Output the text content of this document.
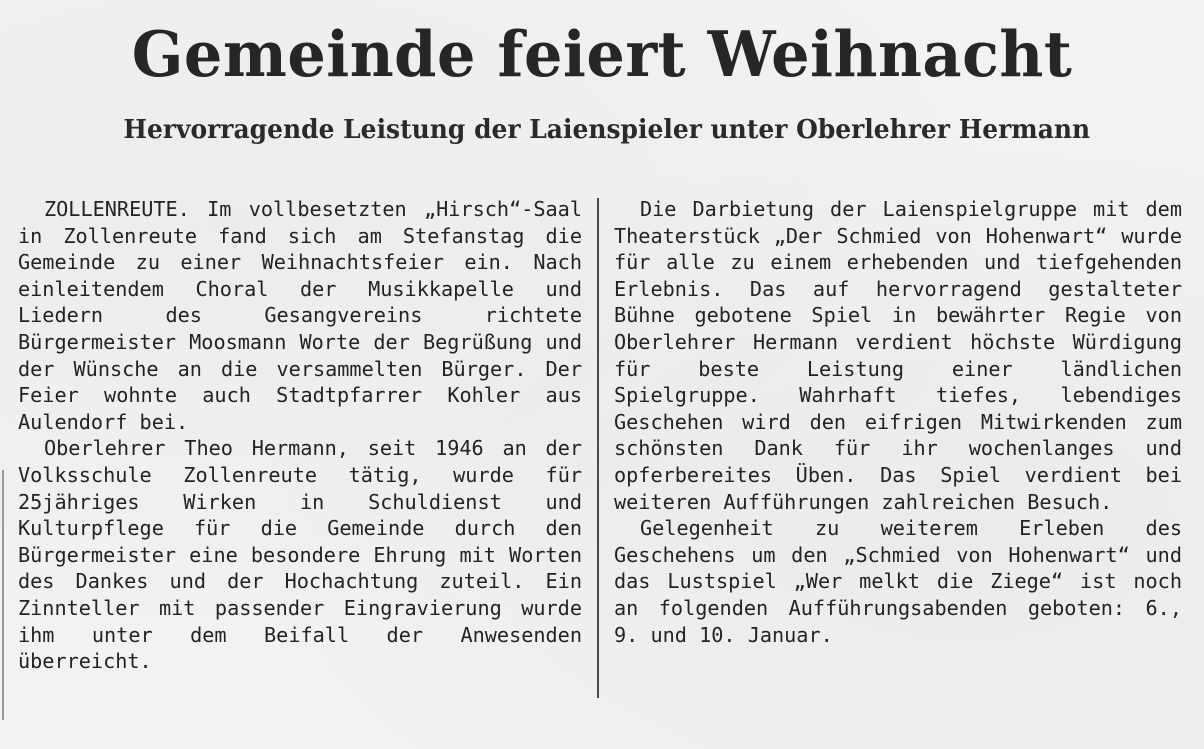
Gemeinde feiert Weihnacht
Hervorragende Leistung der Laienspieler unter Oberlehrer Hermann

ZOLLENREUTE. Im vollbesetzten „Hirsch“-Saal in Zollenreute fand sich am Stefanstag die Gemeinde zu einer Weihnachtsfeier ein. Nach einleitendem Choral der Musikkapelle und Liedern des Gesangvereins richtete Bürgermeister Moosmann Worte der Begrüßung und der Wünsche an die versammelten Bürger. Der Feier wohnte auch Stadtpfarrer Kohler aus Aulendorf bei.

Oberlehrer Theo Hermann, seit 1946 an der Volksschule Zollenreute tätig, wurde für 25jähriges Wirken in Schuldienst und Kulturpflege für die Gemeinde durch den Bürgermeister eine besondere Ehrung mit Worten des Dankes und der Hochachtung zuteil. Ein Zinnteller mit passender Eingravierung wurde ihm unter dem Beifall der Anwesenden überreicht.

Die Darbietung der Laienspielgruppe mit dem Theaterstück „Der Schmied von Hohenwart“ wurde für alle zu einem erhebenden und tiefgehenden Erlebnis. Das auf hervorragend gestalteter Bühne gebotene Spiel in bewährter Regie von Oberlehrer Hermann verdient höchste Würdigung für beste Leistung einer ländlichen Spielgruppe. Wahrhaft tiefes, lebendiges Geschehen wird den eifrigen Mitwirkenden zum schönsten Dank für ihr wochenlanges und opferbereites Üben. Das Spiel verdient bei weiteren Aufführungen zahlreichen Besuch.

Gelegenheit zu weiterem Erleben des Geschehens um den „Schmied von Hohenwart“ und das Lustspiel „Wer melkt die Ziege“ ist noch an folgenden Aufführungsabenden geboten: 6., 9. und 10. Januar.
